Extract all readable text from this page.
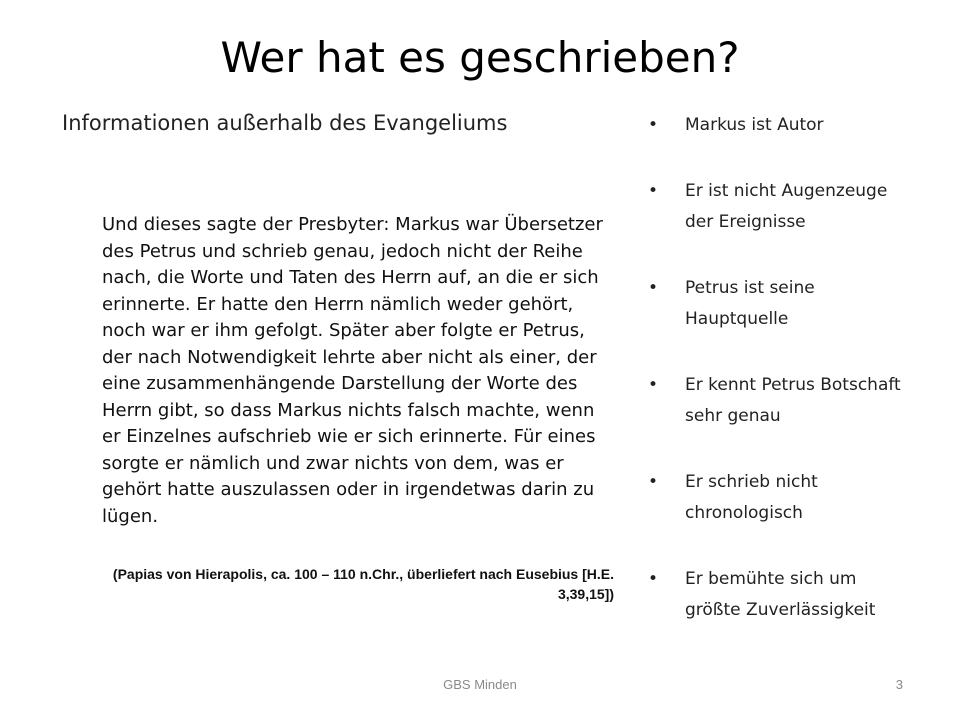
Wer hat es geschrieben?

Informationen außerhalb des Evangeliums

Und dieses sagte der Presbyter: Markus war Übersetzer des Petrus und schrieb genau, jedoch nicht der Reihe nach, die Worte und Taten des Herrn auf, an die er sich erinnerte. Er hatte den Herrn nämlich weder gehört, noch war er ihm gefolgt. Später aber folgte er Petrus, der nach Notwendigkeit lehrte aber nicht als einer, der eine zusammenhängende Darstellung der Worte des Herrn gibt, so dass Markus nichts falsch machte, wenn er Einzelnes aufschrieb wie er sich erinnerte. Für eines sorgte er nämlich und zwar nichts von dem, was er gehört hatte auszulassen oder in irgendetwas darin zu lügen.

(Papias von Hierapolis, ca. 100 – 110 n.Chr., überliefert nach Eusebius [H.E. 3,39,15])

• Markus ist Autor
• Er ist nicht Augenzeuge der Ereignisse
• Petrus ist seine Hauptquelle
• Er kennt Petrus Botschaft sehr genau
• Er schrieb nicht chronologisch
• Er bemühte sich um größte Zuverlässigkeit
GBS Minden	3
